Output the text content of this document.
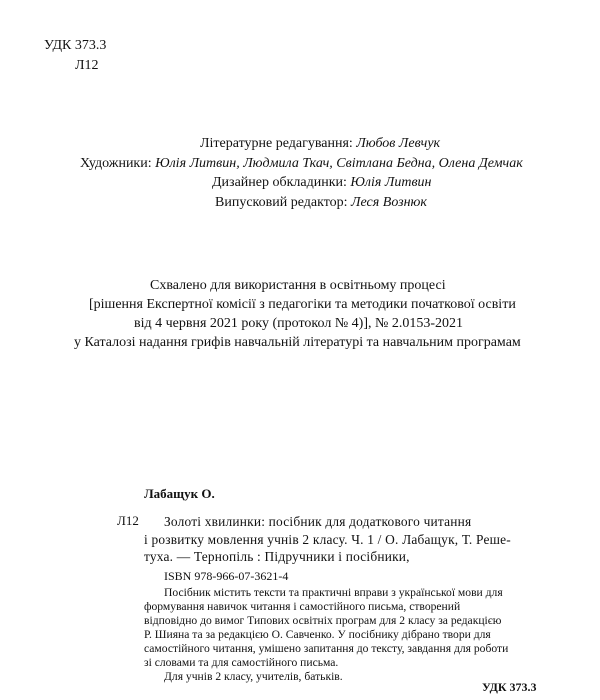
УДК 373.3
Л12
Літературне редагування: Любов Левчук
Художники: Юлія Литвин, Людмила Ткач, Світлана Бедна, Олена Демчак
Дизайнер обкладинки: Юлія Литвин
Випусковий редактор: Леся Вознюк
Схвалено для використання в освітньому процесі
[рішення Експертної комісії з педагогіки та методики початкової освіти
від 4 червня 2021 року (протокол № 4)], № 2.0153-2021
у Каталозі надання грифів навчальній літературі та навчальним програмам
Лабащук О.
Л12 Золоті хвилинки: посібник для додаткового читання
і розвитку мовлення учнів 2 класу. Ч. 1 / О. Лабащук, Т. Реше-
туха. — Тернопіль : Підручники і посібники,
ISBN 978-966-07-3621-4
Посібник містить тексти та практичні вправи з української мови для
формування навичок читання і самостійного письма, створений
відповідно до вимог Типових освітніх програм для 2 класу за редакцією
Р. Шияна та за редакцією О. Савченко. У посібнику дібрано твори для
самостійного читання, умішено запитання до тексту, завдання для роботи
зі словами та для самостійного письма.
Для учнів 2 класу, учителів, батьків.
УДК 373.3
